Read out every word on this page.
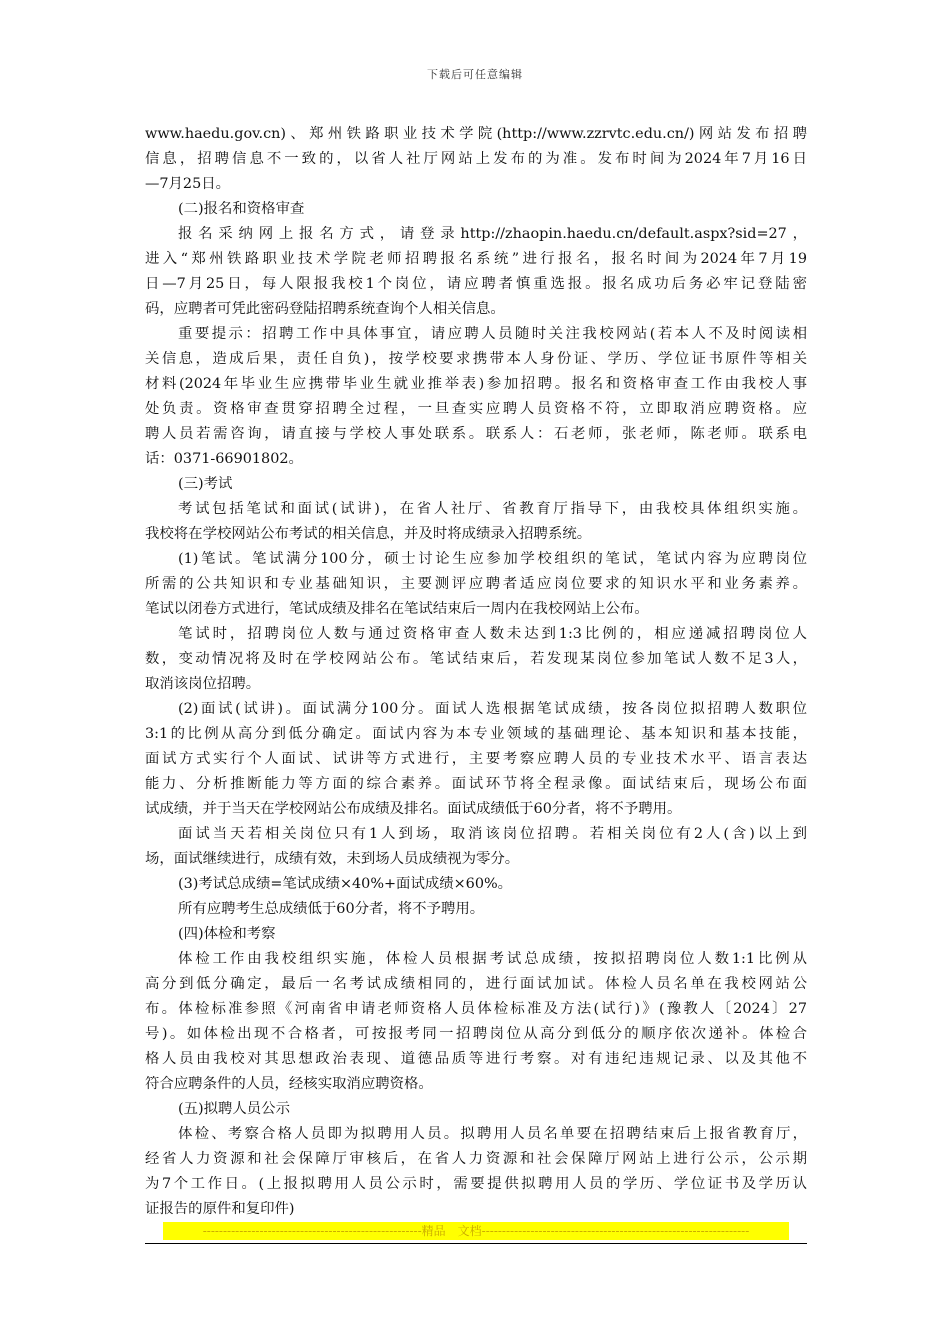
下载后可任意编辑
www.haedu.gov.cn)、郑州铁路职业技术学院(http://www.zzrvtc.edu.cn/)网站发布招聘
信息，招聘信息不一致的，以省人社厅网站上发布的为准。发布时间为2024年7月16日
—7月25日。
(二)报名和资格审查
报名采纳网上报名方式，请登录http://zhaopin.haedu.cn/default.aspx?sid=27，
进入“郑州铁路职业技术学院老师招聘报名系统”进行报名，报名时间为2024年7月19
日—7月25日，每人限报我校1个岗位，请应聘者慎重选报。报名成功后务必牢记登陆密
码，应聘者可凭此密码登陆招聘系统查询个人相关信息。
重要提示：招聘工作中具体事宜，请应聘人员随时关注我校网站(若本人不及时阅读相
关信息，造成后果，责任自负)，按学校要求携带本人身份证、学历、学位证书原件等相关
材料(2024年毕业生应携带毕业生就业推举表)参加招聘。报名和资格审查工作由我校人事
处负责。资格审查贯穿招聘全过程，一旦查实应聘人员资格不符，立即取消应聘资格。应
聘人员若需咨询，请直接与学校人事处联系。联系人：石老师，张老师，陈老师。联系电
话：0371-66901802。
(三)考试
考试包括笔试和面试(试讲)，在省人社厅、省教育厅指导下，由我校具体组织实施。
我校将在学校网站公布考试的相关信息，并及时将成绩录入招聘系统。
(1)笔试。笔试满分100分，硕士讨论生应参加学校组织的笔试，笔试内容为应聘岗位
所需的公共知识和专业基础知识，主要测评应聘者适应岗位要求的知识水平和业务素养。
笔试以闭卷方式进行，笔试成绩及排名在笔试结束后一周内在我校网站上公布。
笔试时，招聘岗位人数与通过资格审查人数未达到1:3比例的，相应递减招聘岗位人
数，变动情况将及时在学校网站公布。笔试结束后，若发现某岗位参加笔试人数不足3人，
取消该岗位招聘。
(2)面试(试讲)。面试满分100分。面试人选根据笔试成绩，按各岗位拟招聘人数职位
3:1的比例从高分到低分确定。面试内容为本专业领域的基础理论、基本知识和基本技能，
面试方式实行个人面试、试讲等方式进行，主要考察应聘人员的专业技术水平、语言表达
能力、分析推断能力等方面的综合素养。面试环节将全程录像。面试结束后，现场公布面
试成绩，并于当天在学校网站公布成绩及排名。面试成绩低于60分者，将不予聘用。
面试当天若相关岗位只有1人到场，取消该岗位招聘。若相关岗位有2人(含)以上到
场，面试继续进行，成绩有效，未到场人员成绩视为零分。
(3)考试总成绩=笔试成绩×40%+面试成绩×60%。
所有应聘考生总成绩低于60分者，将不予聘用。
(四)体检和考察
体检工作由我校组织实施，体检人员根据考试总成绩，按拟招聘岗位人数1:1比例从
高分到低分确定，最后一名考试成绩相同的，进行面试加试。体检人员名单在我校网站公
布。体检标准参照《河南省申请老师资格人员体检标准及方法(试行)》(豫教人〔2024〕27
号)。如体检出现不合格者，可按报考同一招聘岗位从高分到低分的顺序依次递补。体检合
格人员由我校对其思想政治表现、道德品质等进行考察。对有违纪违规记录、以及其他不
符合应聘条件的人员，经核实取消应聘资格。
(五)拟聘人员公示
体检、考察合格人员即为拟聘用人员。拟聘用人员名单要在招聘结束后上报省教育厅，
经省人力资源和社会保障厅审核后，在省人力资源和社会保障厅网站上进行公示，公示期
为7个工作日。(上报拟聘用人员公示时，需要提供拟聘用人员的学历、学位证书及学历认
证报告的原件和复印件)
------------------------------------------------------精品　文档------------------------------------------------------------------
